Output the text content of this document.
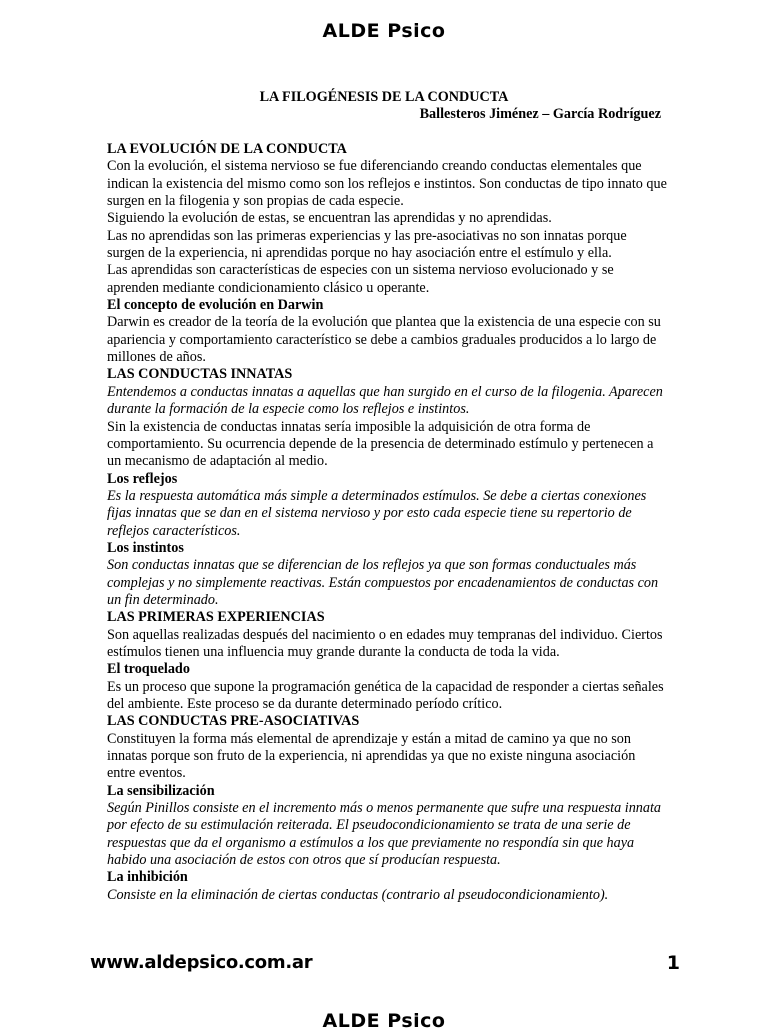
ALDE Psico
LA FILOGÉNESIS DE LA CONDUCTA
Ballesteros Jiménez – García Rodríguez

LA EVOLUCIÓN DE LA CONDUCTA

Con la evolución, el sistema nervioso se fue diferenciando creando conductas elementales que indican la existencia del mismo como son los reflejos e instintos. Son conductas de tipo innato que surgen en la filogenia y son propias de cada especie.

Siguiendo la evolución de estas, se encuentran las aprendidas y no aprendidas.

Las no aprendidas son las primeras experiencias y las pre-asociativas no son innatas porque surgen de la experiencia, ni aprendidas porque no hay asociación entre el estímulo y ella.

Las aprendidas son características de especies con un sistema nervioso evolucionado y se aprenden mediante condicionamiento clásico u operante.

El concepto de evolución en Darwin

Darwin es creador de la teoría de la evolución que plantea que la existencia de una especie con su apariencia y comportamiento característico se debe a cambios graduales producidos a lo largo de millones de años.

LAS CONDUCTAS INNATAS

Entendemos a conductas innatas a aquellas que han surgido en el curso de la filogenia. Aparecen durante la formación de la especie como los reflejos e instintos.

Sin la existencia de conductas innatas sería imposible la adquisición de otra forma de comportamiento. Su ocurrencia depende de la presencia de determinado estímulo y pertenecen a un mecanismo de adaptación al medio.

Los reflejos

Es la respuesta automática más simple a determinados estímulos. Se debe a ciertas conexiones fijas innatas que se dan en el sistema nervioso y por esto cada especie tiene su repertorio de reflejos característicos.

Los instintos

Son conductas innatas que se diferencian de los reflejos ya que son formas conductuales más complejas y no simplemente reactivas. Están compuestos por encadenamientos de conductas con un fin determinado.

LAS PRIMERAS EXPERIENCIAS

Son aquellas realizadas después del nacimiento o en edades muy tempranas del individuo. Ciertos estímulos tienen una influencia muy grande durante la conducta de toda la vida.

El troquelado

Es un proceso que supone la programación genética de la capacidad de responder a ciertas señales del ambiente. Este proceso se da durante determinado período crítico.

LAS CONDUCTAS PRE-ASOCIATIVAS

Constituyen la forma más elemental de aprendizaje y están a mitad de camino ya que no son innatas porque son fruto de la experiencia, ni aprendidas ya que no existe ninguna asociación entre eventos.

La sensibilización

Según Pinillos consiste en el incremento más o menos permanente que sufre una respuesta innata por efecto de su estimulación reiterada. El pseudocondicionamiento se trata de una serie de respuestas que da el organismo a estímulos a los que previamente no respondía sin que haya habido una asociación de estos con otros que sí producían respuesta.

La inhibición

Consiste en la eliminación de ciertas conductas (contrario al pseudocondicionamiento).

www.aldepsico.com.ar	1
ALDE Psico
